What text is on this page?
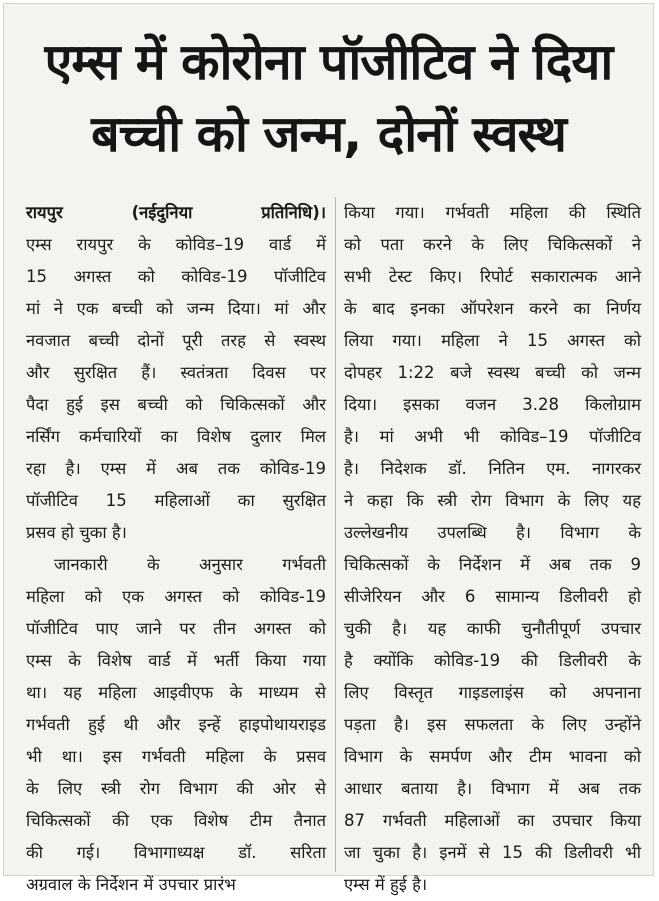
एम्स में कोरोना पॉजीटिव ने दिया
बच्ची को जन्म, दोनों स्वस्थ
रायपुर (नईदुनिया प्रतिनिधि)।
एम्स रायपुर के कोविड–19 वार्ड में
15 अगस्त को कोविड-19 पॉजीटिव
मां ने एक बच्ची को जन्म दिया। मां और
नवजात बच्ची दोनों पूरी तरह से स्वस्थ
और सुरक्षित हैं। स्वतंत्रता दिवस पर
पैदा हुई इस बच्ची को चिकित्सकों और
नर्सिंग कर्मचारियों का विशेष दुलार मिल
रहा है। एम्स में अब तक कोविड-19
पॉजीटिव 15 महिलाओं का सुरक्षित
प्रसव हो चुका है।
जानकारी के अनुसार गर्भवती
महिला को एक अगस्त को कोविड-19
पॉजीटिव पाए जाने पर तीन अगस्त को
एम्स के विशेष वार्ड में भर्ती किया गया
था। यह महिला आइवीएफ के माध्यम से
गर्भवती हुई थी और इन्हें हाइपोथायराइड
भी था। इस गर्भवती महिला के प्रसव
के लिए स्त्री रोग विभाग की ओर से
चिकित्सकों की एक विशेष टीम तैनात
की गई। विभागाध्यक्ष डॉ. सरिता
अग्रवाल के निर्देशन में उपचार प्रारंभ
किया गया। गर्भवती महिला की स्थिति
को पता करने के लिए चिकित्सकों ने
सभी टेस्ट किए। रिपोर्ट सकारात्मक आने
के बाद इनका ऑपरेशन करने का निर्णय
लिया गया। महिला ने 15 अगस्त को
दोपहर 1:22 बजे स्वस्थ बच्ची को जन्म
दिया। इसका वजन 3.28 किलोग्राम
है। मां अभी भी कोविड–19 पॉजीटिव
है। निदेशक डॉ. नितिन एम. नागरकर
ने कहा कि स्त्री रोग विभाग के लिए यह
उल्लेखनीय उपलब्धि है। विभाग के
चिकित्सकों के निर्देशन में अब तक 9
सीजेरियन और 6 सामान्य डिलीवरी हो
चुकी है। यह काफी चुनौतीपूर्ण उपचार
है क्योंकि कोविड-19 की डिलीवरी के
लिए विस्तृत गाइडलाइंस को अपनाना
पड़ता है। इस सफलता के लिए उन्होंने
विभाग के समर्पण और टीम भावना को
आधार बताया है। विभाग में अब तक
87 गर्भवती महिलाओं का उपचार किया
जा चुका है। इनमें से 15 की डिलीवरी भी
एम्स में हुई है।
